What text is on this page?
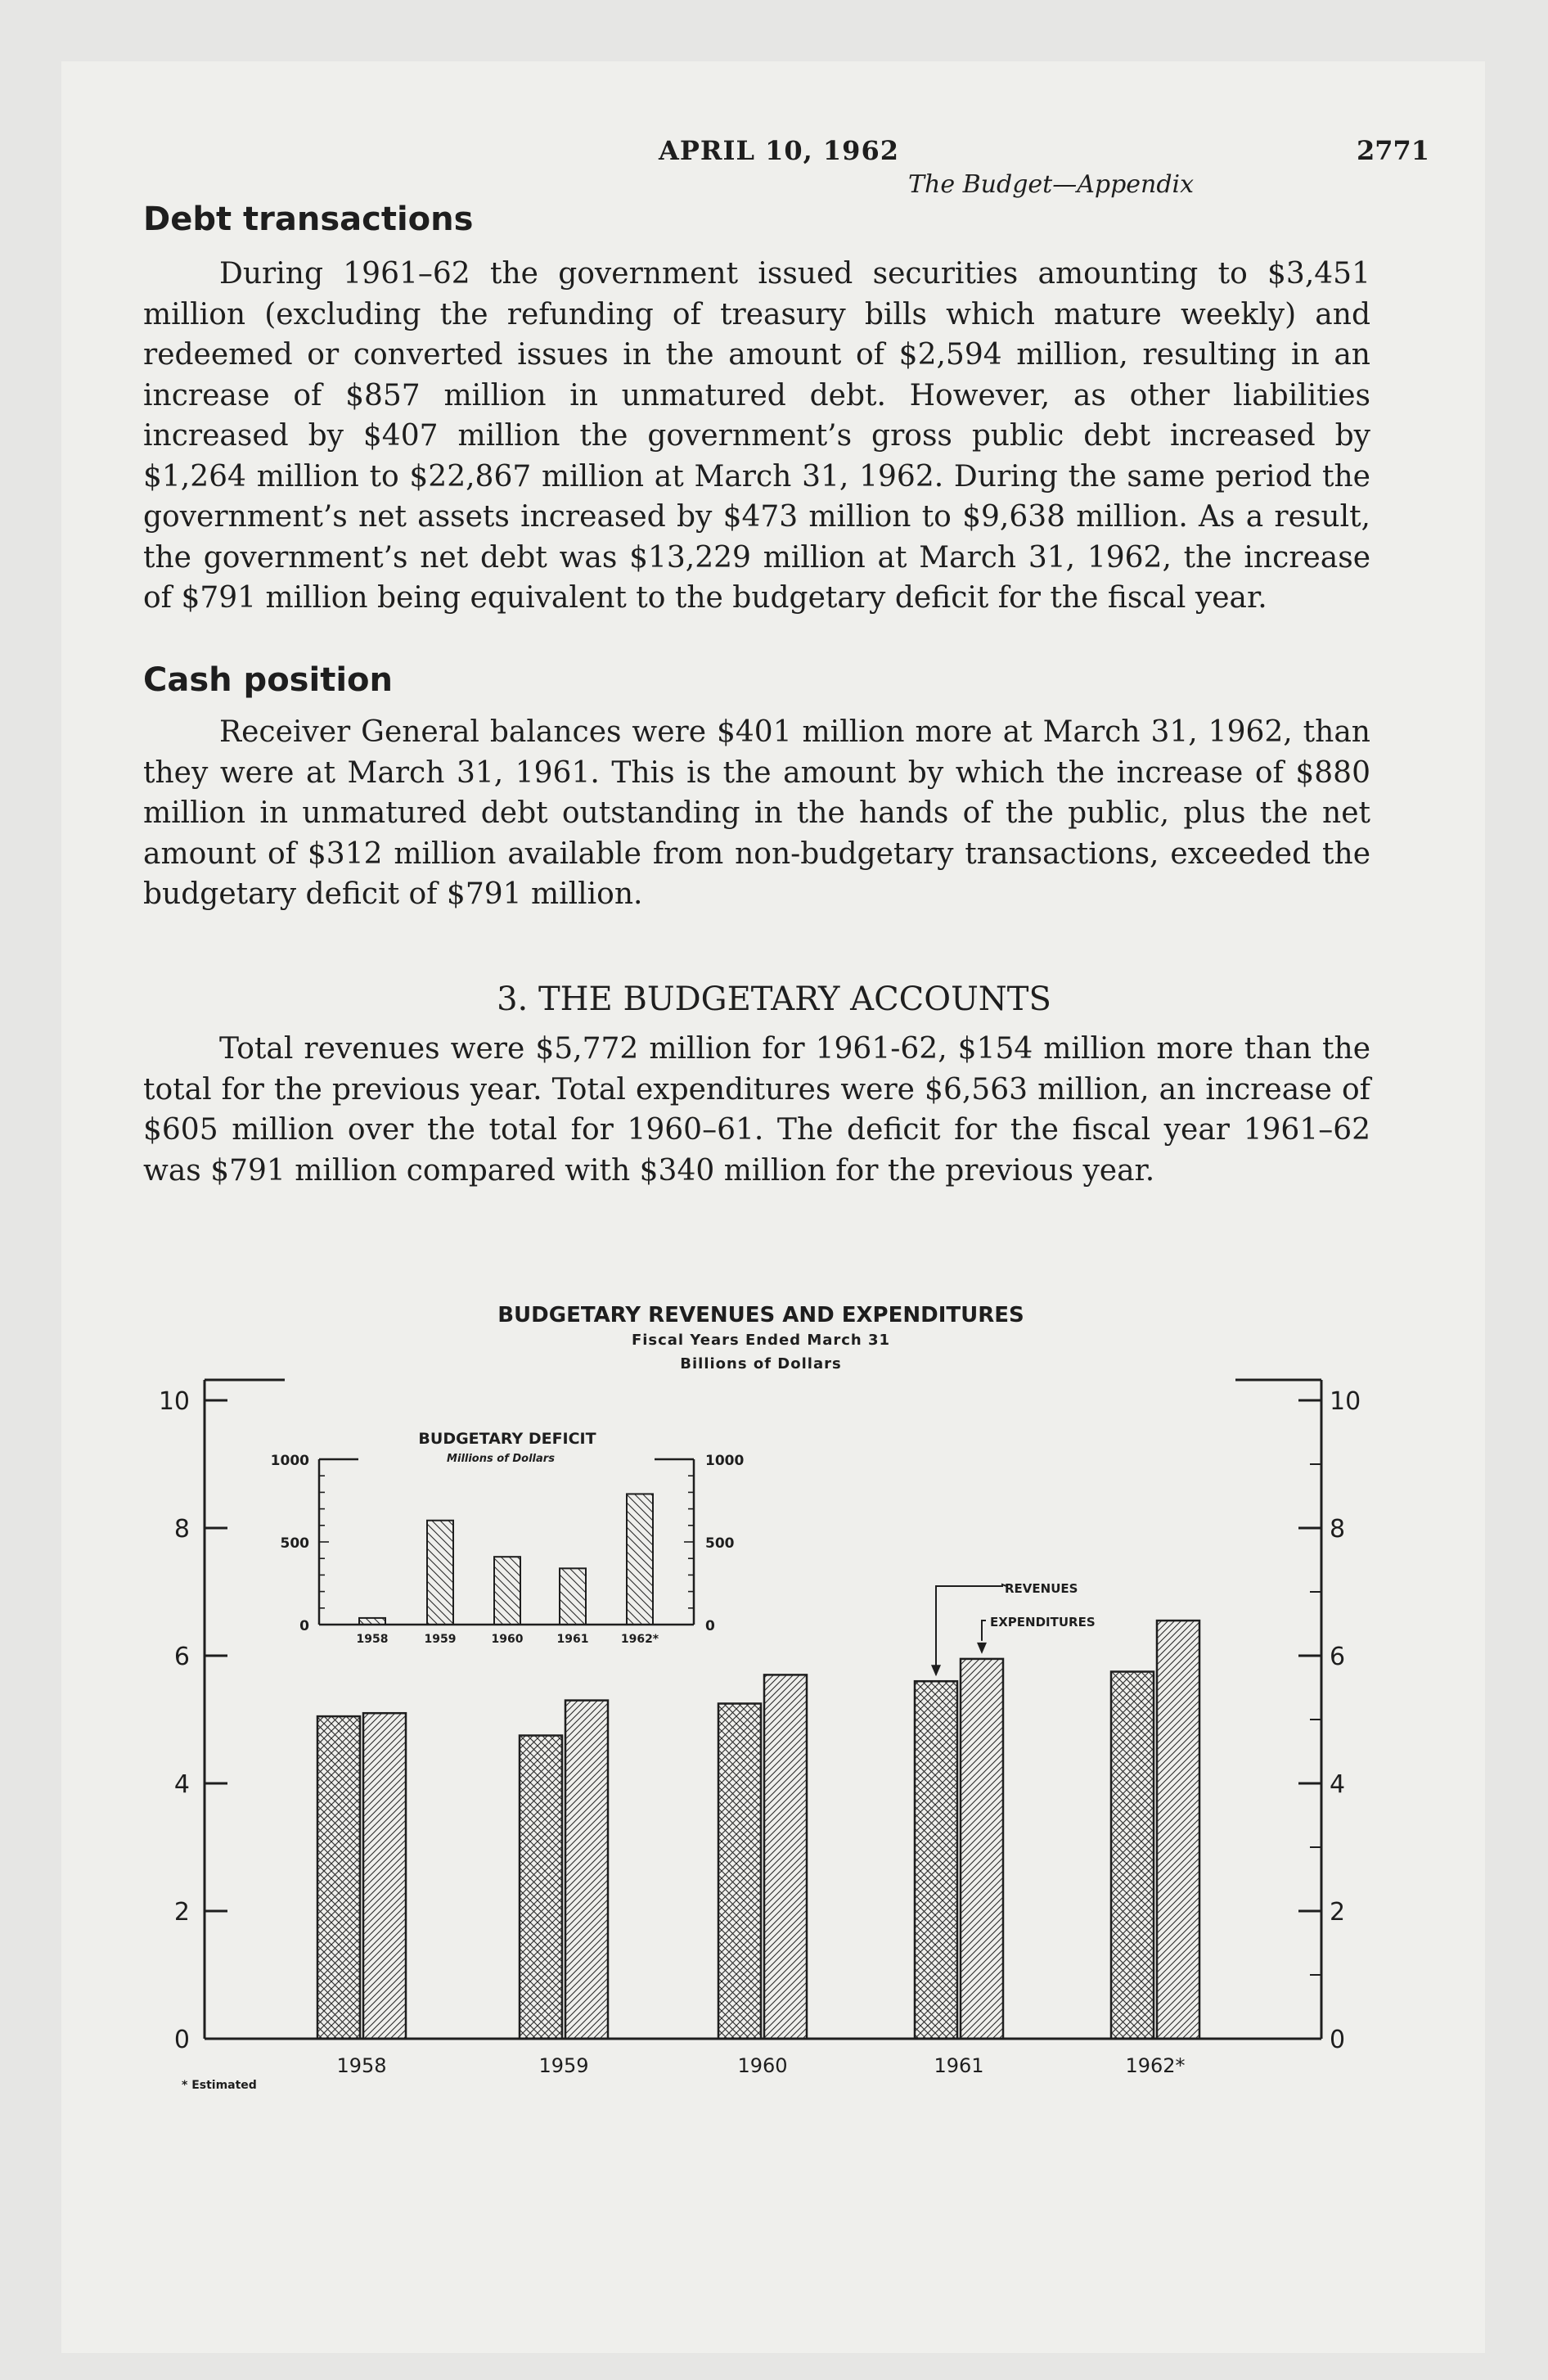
APRIL 10, 1962	2771
The Budget—Appendix
Debt transactions

During 1961–62 the government issued securities amounting to $3,451 million (excluding the refunding of treasury bills which mature weekly) and redeemed or converted issues in the amount of $2,594 million, resulting in an increase of $857 million in unmatured debt. However, as other liabilities increased by $407 million the government’s gross public debt increased by $1,264 million to $22,867 million at March 31, 1962. During the same period the government’s net assets increased by $473 million to $9,638 million. As a result, the government’s net debt was $13,229 million at March 31, 1962, the increase of $791 million being equivalent to the budgetary deficit for the fiscal year.

Cash position

Receiver General balances were $401 million more at March 31, 1962, than they were at March 31, 1961. This is the amount by which the increase of $880 million in unmatured debt outstanding in the hands of the public, plus the net amount of $312 million available from non-budgetary transactions, exceeded the budgetary deficit of $791 million.

3. THE BUDGETARY ACCOUNTS

Total revenues were $5,772 million for 1961-62, $154 million more than the total for the previous year. Total expenditures were $6,563 million, an increase of $605 million over the total for 1960–61. The deficit for the fiscal year 1961–62 was $791 million compared with $340 million for the previous year.

BUDGETARY REVENUES AND EXPENDITURES
Fiscal Years Ended March 31
Billions of Dollars
0	0
2	2
4	4
6	6
8	8
10	10
1958	1959	1960	1961	1962*
0	0
500	500
1000	1000
BUDGETARY DEFICIT
Millions of Dollars
1958	1959	1960	1961	1962*
REVENUES
EXPENDITURES
* Estimated
